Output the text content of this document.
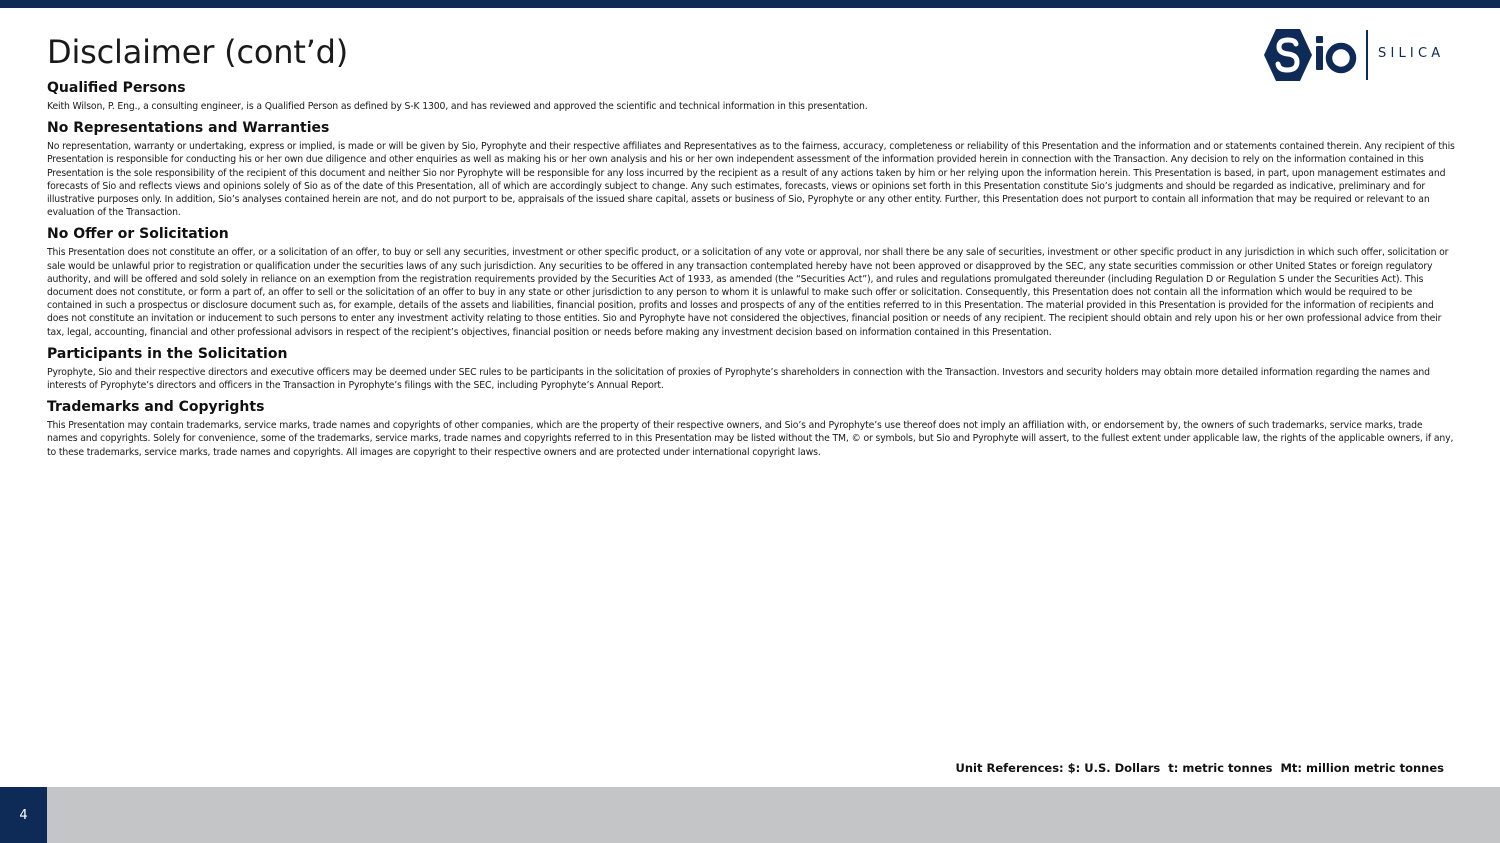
Disclaimer (cont’d)	SILICA
Qualified Persons

Keith Wilson, P. Eng., a consulting engineer, is a Qualified Person as defined by S-K 1300, and has reviewed and approved the scientific and technical information in this presentation.

No Representations and Warranties

No representation, warranty or undertaking, express or implied, is made or will be given by Sio, Pyrophyte and their respective affiliates and Representatives as to the fairness, accuracy, completeness or reliability of this Presentation and the information and or statements contained therein. Any recipient of this Presentation is responsible for conducting his or her own due diligence and other enquiries as well as making his or her own analysis and his or her own independent assessment of the information provided herein in connection with the Transaction. Any decision to rely on the information contained in this Presentation is the sole responsibility of the recipient of this document and neither Sio nor Pyrophyte will be responsible for any loss incurred by the recipient as a result of any actions taken by him or her relying upon the information herein. This Presentation is based, in part, upon management estimates and forecasts of Sio and reflects views and opinions solely of Sio as of the date of this Presentation, all of which are accordingly subject to change. Any such estimates, forecasts, views or opinions set forth in this Presentation constitute Sio’s judgments and should be regarded as indicative, preliminary and for illustrative purposes only. In addition, Sio’s analyses contained herein are not, and do not purport to be, appraisals of the issued share capital, assets or business of Sio, Pyrophyte or any other entity. Further, this Presentation does not purport to contain all information that may be required or relevant to an evaluation of the Transaction.

No Offer or Solicitation

This Presentation does not constitute an offer, or a solicitation of an offer, to buy or sell any securities, investment or other specific product, or a solicitation of any vote or approval, nor shall there be any sale of securities, investment or other specific product in any jurisdiction in which such offer, solicitation or sale would be unlawful prior to registration or qualification under the securities laws of any such jurisdiction. Any securities to be offered in any transaction contemplated hereby have not been approved or disapproved by the SEC, any state securities commission or other United States or foreign regulatory authority, and will be offered and sold solely in reliance on an exemption from the registration requirements provided by the Securities Act of 1933, as amended (the “Securities Act”), and rules and regulations promulgated thereunder (including Regulation D or Regulation S under the Securities Act). This document does not constitute, or form a part of, an offer to sell or the solicitation of an offer to buy in any state or other jurisdiction to any person to whom it is unlawful to make such offer or solicitation. Consequently, this Presentation does not contain all the information which would be required to be contained in such a prospectus or disclosure document such as, for example, details of the assets and liabilities, financial position, profits and losses and prospects of any of the entities referred to in this Presentation. The material provided in this Presentation is provided for the information of recipients and does not constitute an invitation or inducement to such persons to enter any investment activity relating to those entities. Sio and Pyrophyte have not considered the objectives, financial position or needs of any recipient. The recipient should obtain and rely upon his or her own professional advice from their tax, legal, accounting, financial and other professional advisors in respect of the recipient’s objectives, financial position or needs before making any investment decision based on information contained in this Presentation.

Participants in the Solicitation

Pyrophyte, Sio and their respective directors and executive officers may be deemed under SEC rules to be participants in the solicitation of proxies of Pyrophyte’s shareholders in connection with the Transaction. Investors and security holders may obtain more detailed information regarding the names and interests of Pyrophyte’s directors and officers in the Transaction in Pyrophyte’s filings with the SEC, including Pyrophyte’s Annual Report.

Trademarks and Copyrights

This Presentation may contain trademarks, service marks, trade names and copyrights of other companies, which are the property of their respective owners, and Sio’s and Pyrophyte’s use thereof does not imply an affiliation with, or endorsement by, the owners of such trademarks, service marks, trade names and copyrights. Solely for convenience, some of the trademarks, service marks, trade names and copyrights referred to in this Presentation may be listed without the TM, © or symbols, but Sio and Pyrophyte will assert, to the fullest extent under applicable law, the rights of the applicable owners, if any, to these trademarks, service marks, trade names and copyrights. All images are copyright to their respective owners and are protected under international copyright laws.

Unit References: $: U.S. Dollars  t: metric tonnes  Mt: million metric tonnes
4
